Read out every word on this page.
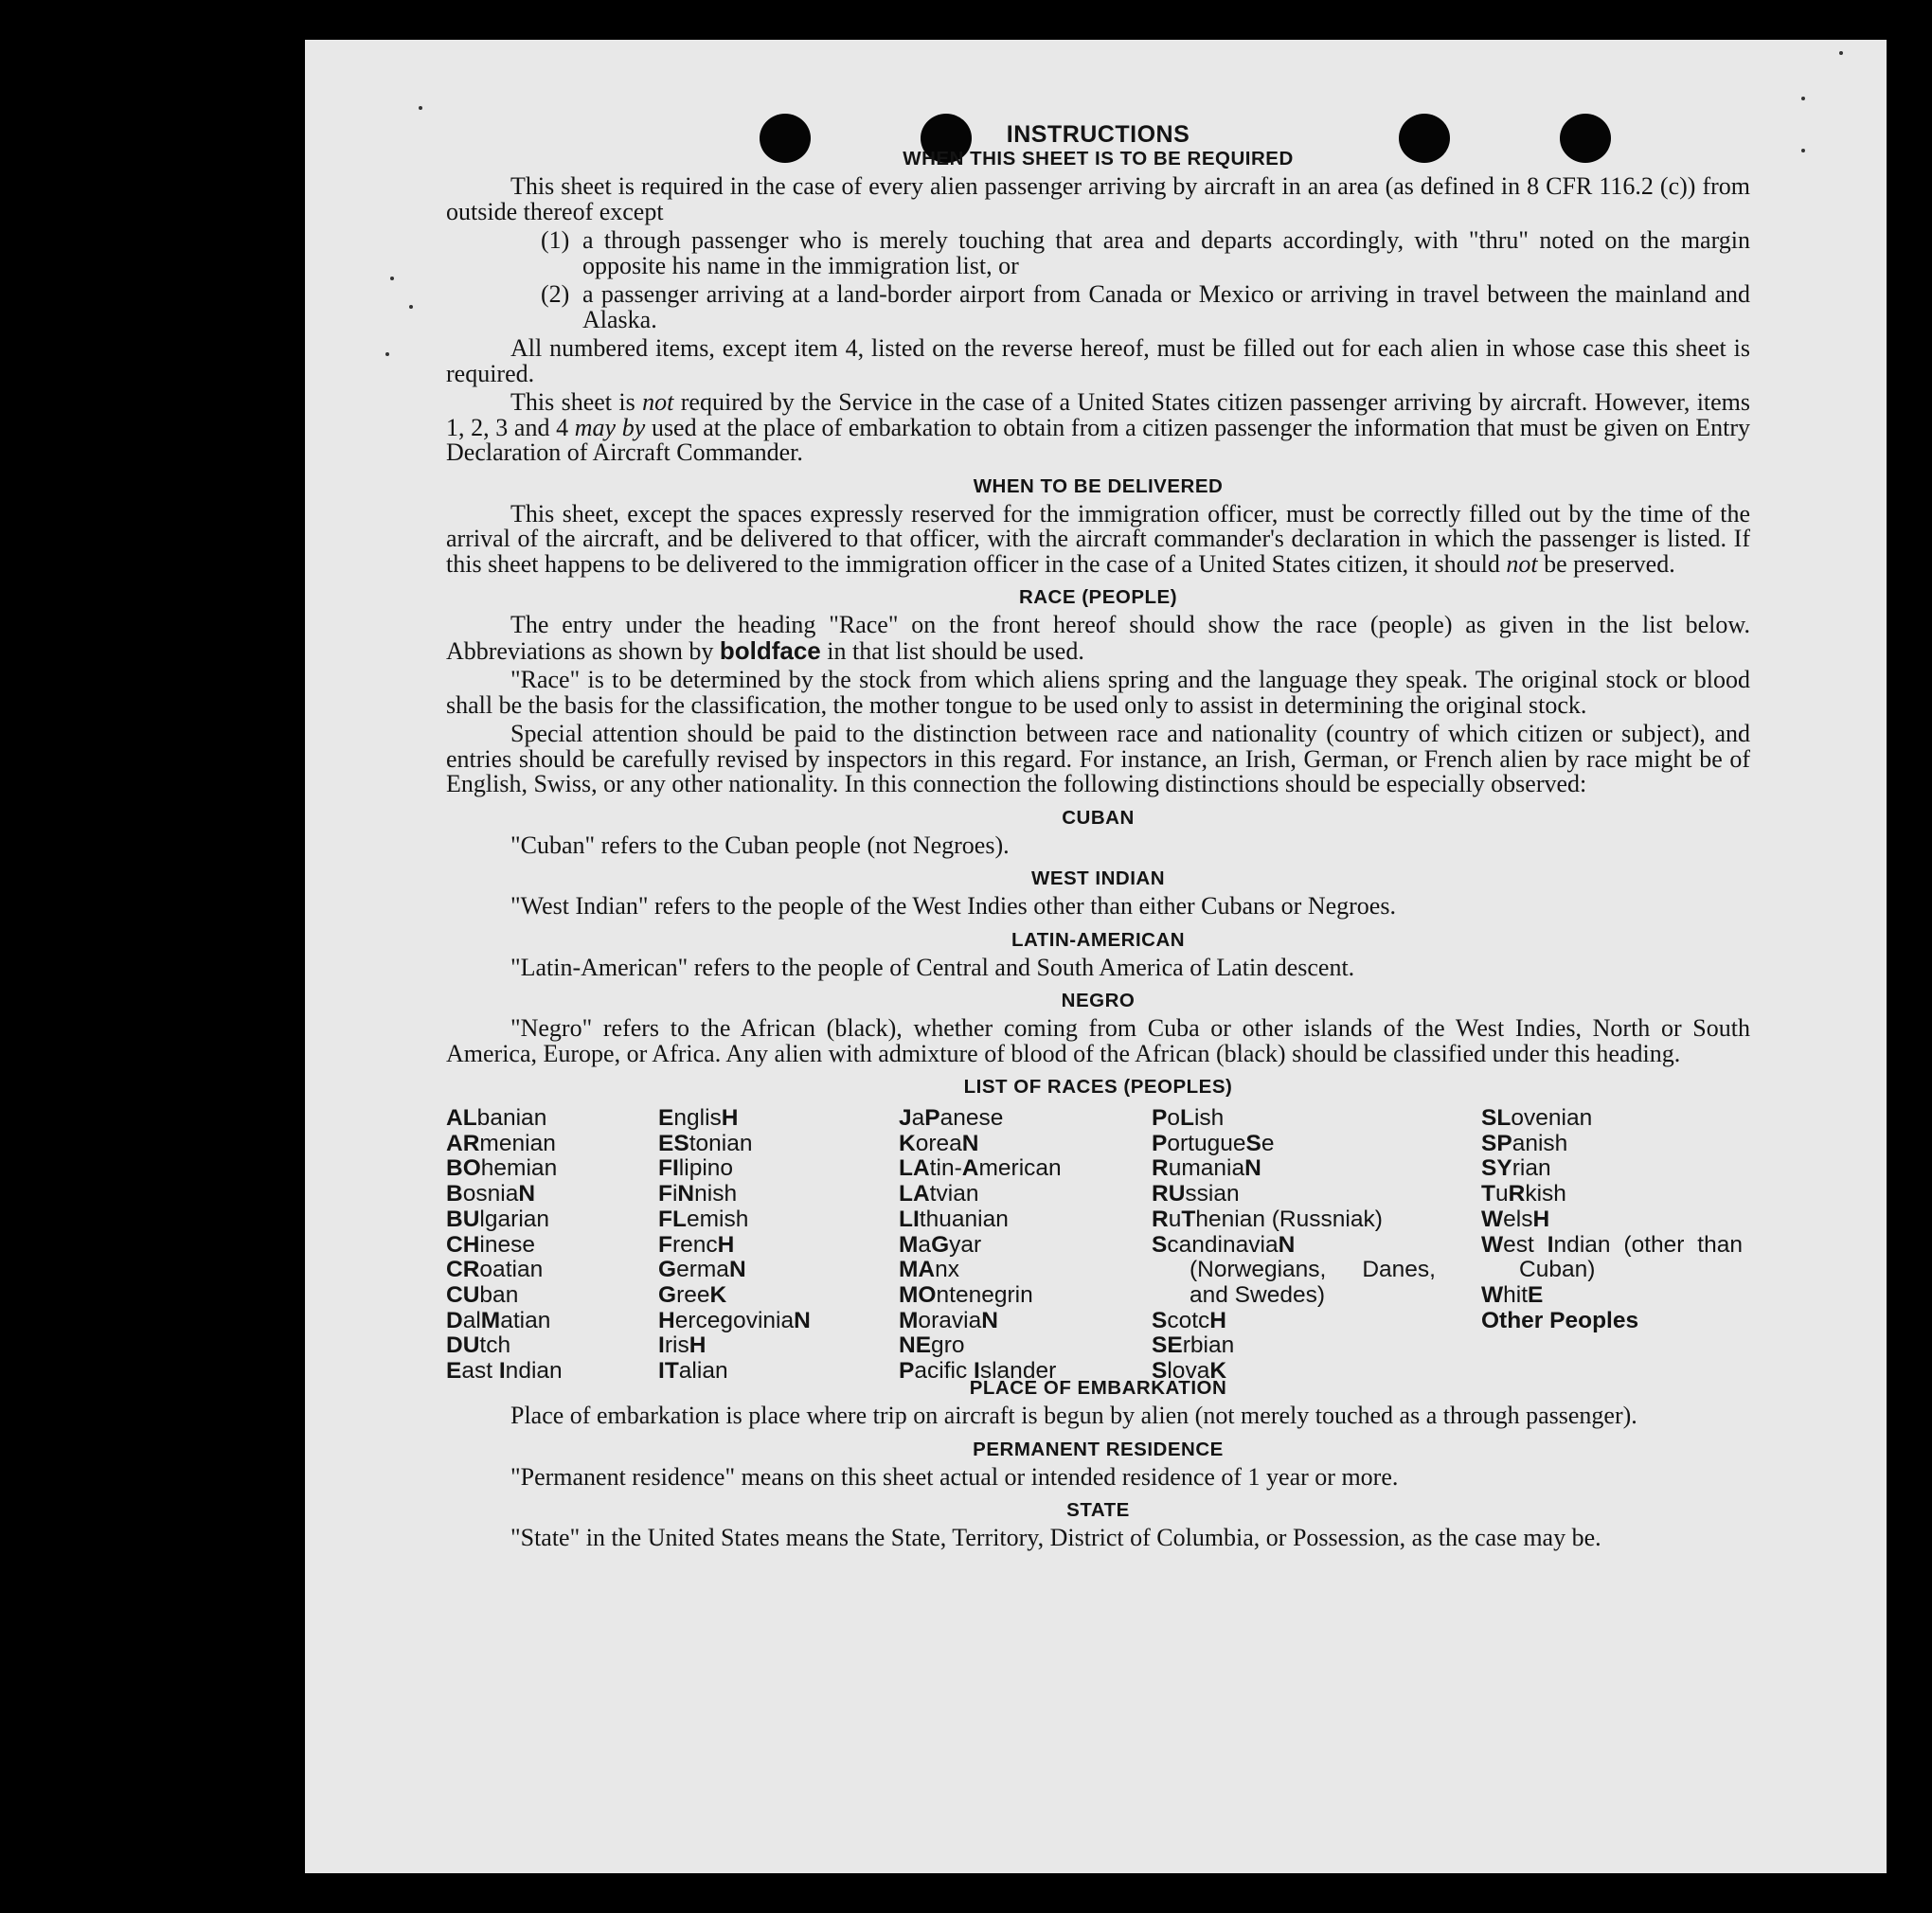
INSTRUCTIONS
WHEN THIS SHEET IS TO BE REQUIRED
This sheet is required in the case of every alien passenger arriving by aircraft in an area (as defined in 8 CFR 116.2 (c)) from outside thereof except
(1) a through passenger who is merely touching that area and departs accordingly, with "thru" noted on the margin opposite his name in the immigration list, or
(2) a passenger arriving at a land-border airport from Canada or Mexico or arriving in travel between the mainland and Alaska.
All numbered items, except item 4, listed on the reverse hereof, must be filled out for each alien in whose case this sheet is required.
This sheet is not required by the Service in the case of a United States citizen passenger arriving by aircraft. However, items 1, 2, 3 and 4 may by used at the place of embarkation to obtain from a citizen passenger the information that must be given on Entry Declaration of Aircraft Commander.
WHEN TO BE DELIVERED
This sheet, except the spaces expressly reserved for the immigration officer, must be correctly filled out by the time of the arrival of the aircraft, and be delivered to that officer, with the aircraft commander's declaration in which the passenger is listed. If this sheet happens to be delivered to the immigration officer in the case of a United States citizen, it should not be preserved.
RACE (PEOPLE)
The entry under the heading "Race" on the front hereof should show the race (people) as given in the list below. Abbreviations as shown by boldface in that list should be used.
"Race" is to be determined by the stock from which aliens spring and the language they speak. The original stock or blood shall be the basis for the classification, the mother tongue to be used only to assist in determining the original stock.
Special attention should be paid to the distinction between race and nationality (country of which citizen or subject), and entries should be carefully revised by inspectors in this regard. For instance, an Irish, German, or French alien by race might be of English, Swiss, or any other nationality. In this connection the following distinctions should be especially observed:
CUBAN
"Cuban" refers to the Cuban people (not Negroes).
WEST INDIAN
"West Indian" refers to the people of the West Indies other than either Cubans or Negroes.
LATIN-AMERICAN
"Latin-American" refers to the people of Central and South America of Latin descent.
NEGRO
"Negro" refers to the African (black), whether coming from Cuba or other islands of the West Indies, North or South America, Europe, or Africa. Any alien with admixture of blood of the African (black) should be classified under this heading.
LIST OF RACES (PEOPLES)
ALbanian
ARmenian
BOhemian
BosniaN
BUlgarian
CHinese
CRoatian
CUban
DalMatian
DUtch
East Indian
EnglisH
EStonian
FIlipino
FiNnish
FLemish
FrencH
GermaN
GreeK
HercegoviniaN
IrisH
ITalian
JaPanese
KoreaN
LAtin-American
LAtvian
LIthuanian
MaGyar
MAnx
MOntenegrin
MoraviaN
NEgro
Pacific Islander
PoLish
PortugueSe
RumaniaN
RUssian
RuThenian (Russniak)
ScandinaviaN (Norwegians, Danes, and Swedes)
ScotcH
SErbian
SlovaK
SLovenian
SPanish
SYrian
TuRkish
WelsH
West Indian (other than Cuban)
WhitE
Other Peoples
PLACE OF EMBARKATION
Place of embarkation is place where trip on aircraft is begun by alien (not merely touched as a through passenger).
PERMANENT RESIDENCE
"Permanent residence" means on this sheet actual or intended residence of 1 year or more.
STATE
"State" in the United States means the State, Territory, District of Columbia, or Possession, as the case may be.
